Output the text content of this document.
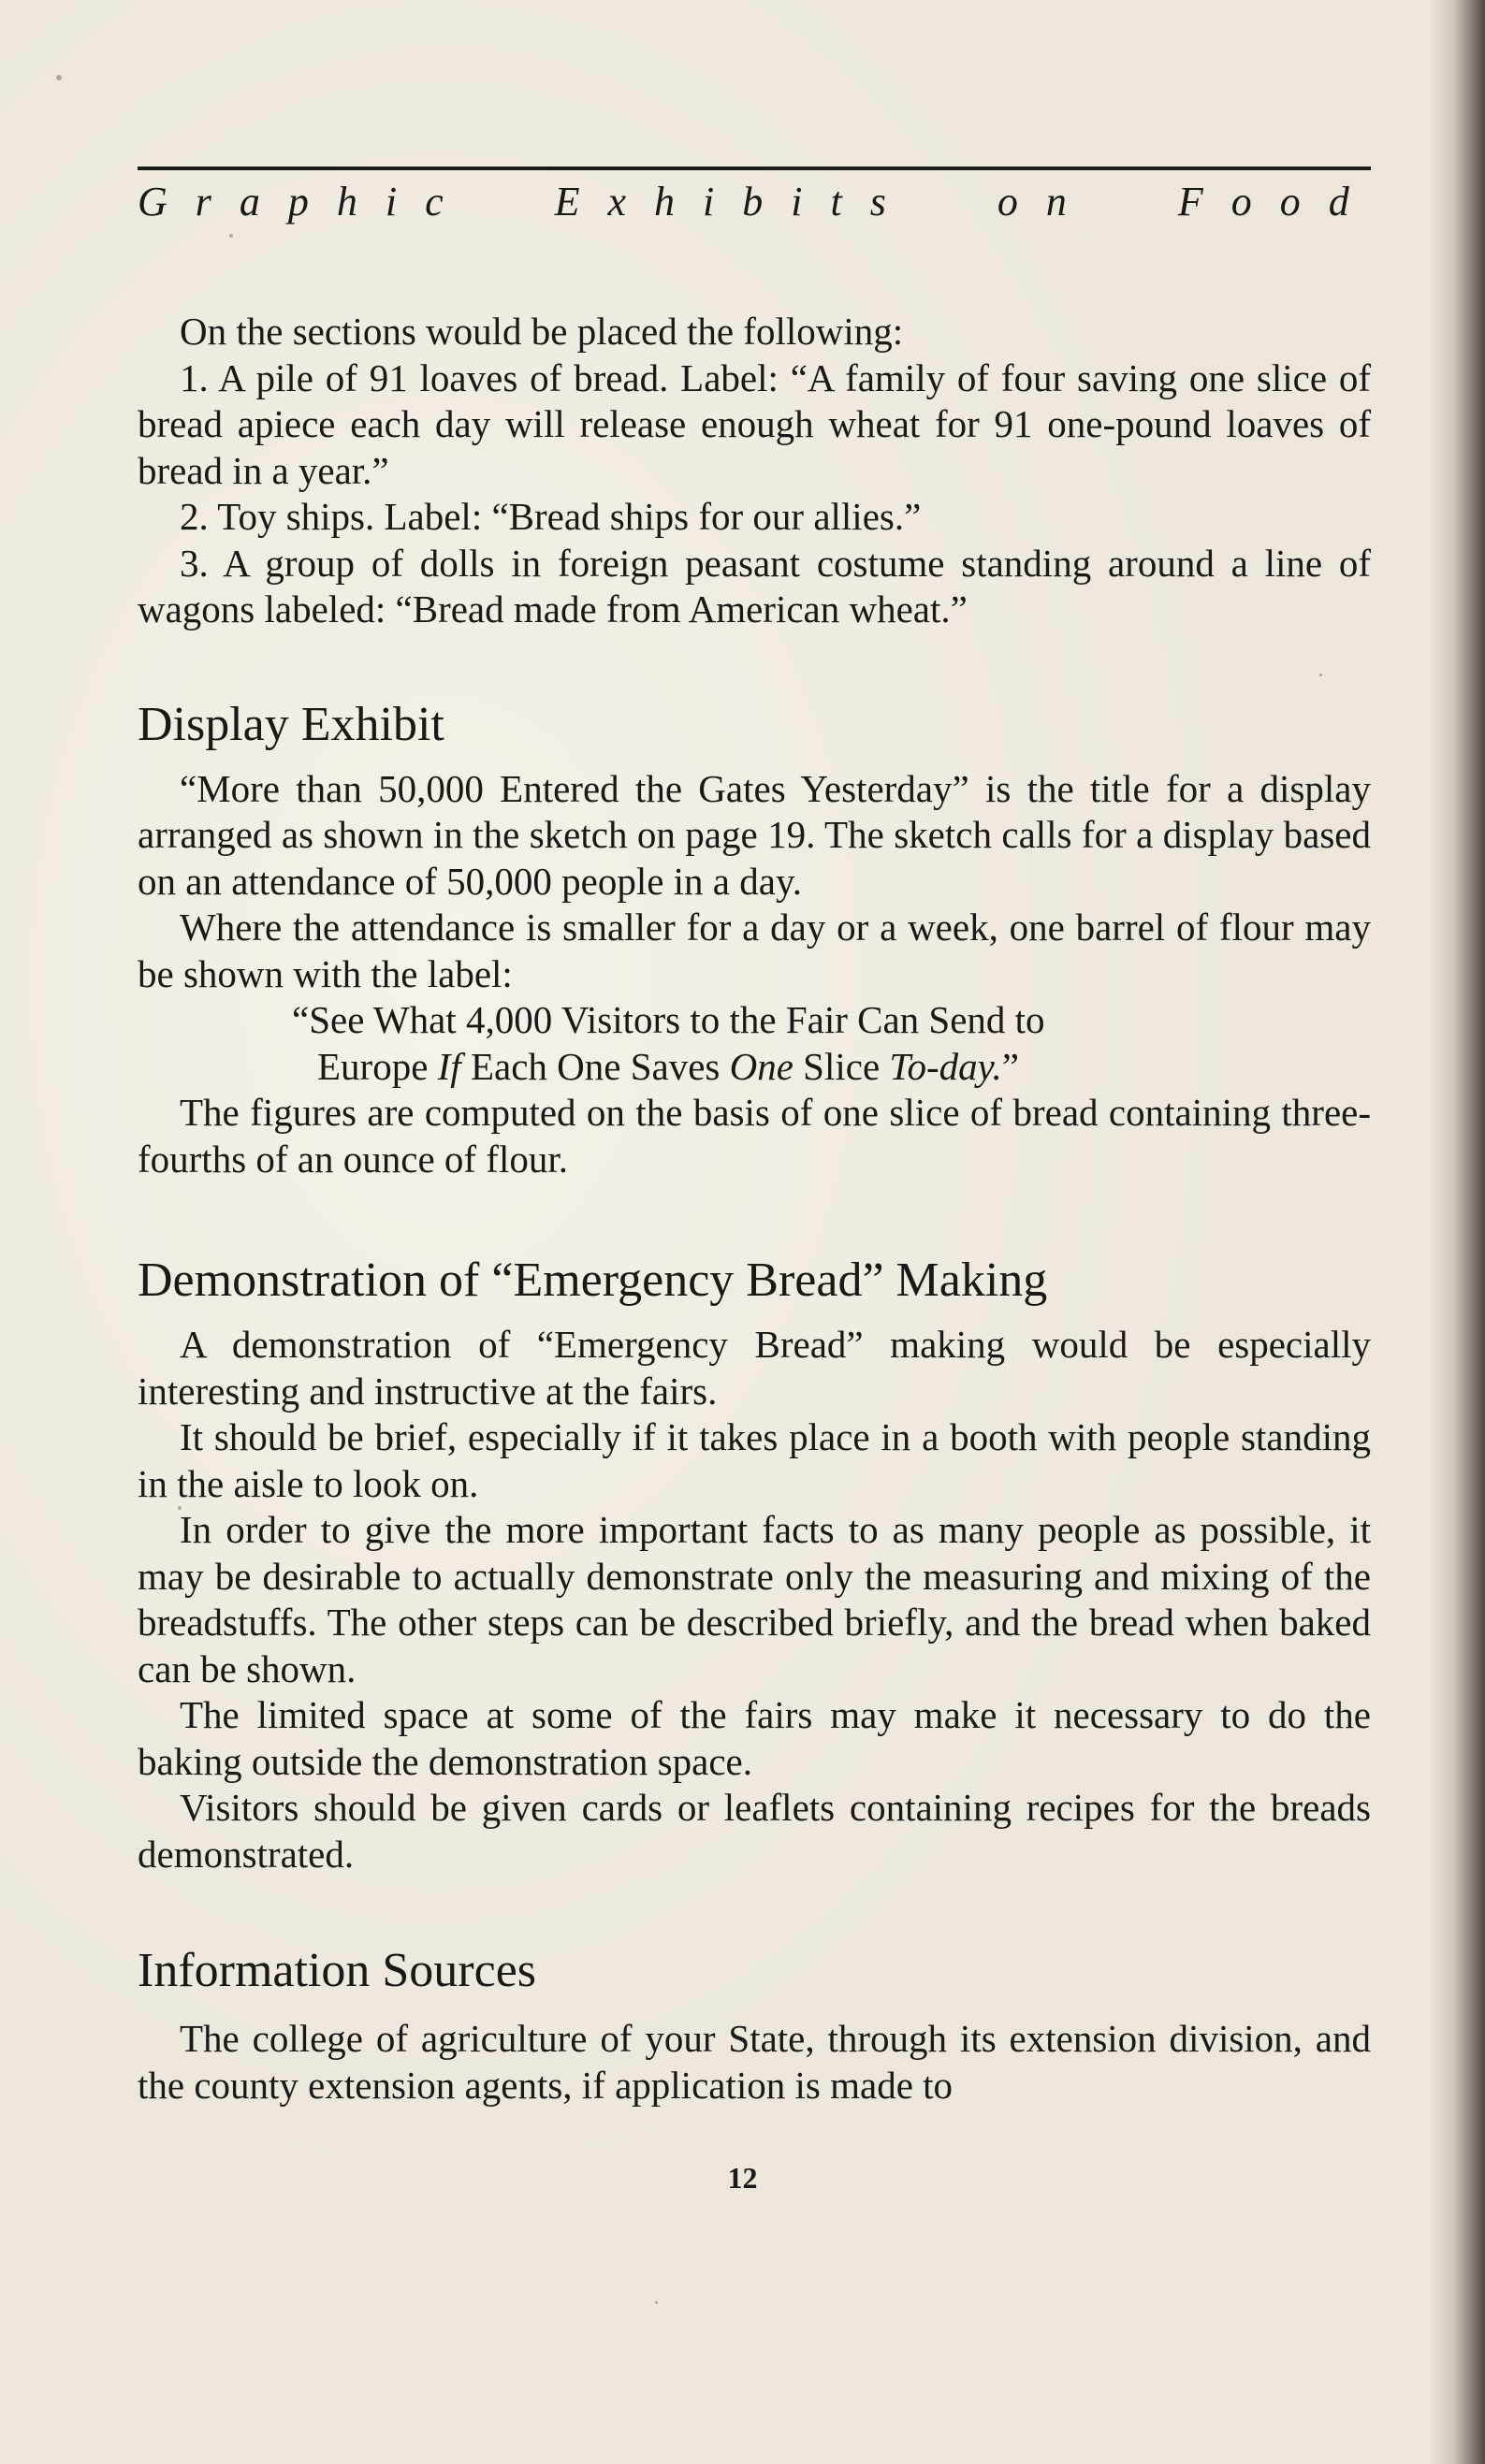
Graphic Exhibits on Food

On the sections would be placed the following:

1. A pile of 91 loaves of bread. Label: “A family of four saving one slice of bread apiece each day will release enough wheat for 91 one-pound loaves of bread in a year.”

2. Toy ships. Label: “Bread ships for our allies.”

3. A group of dolls in foreign peasant costume standing around a line of wagons labeled: “Bread made from American wheat.”

Display Exhibit

“More than 50,000 Entered the Gates Yesterday” is the title for a display arranged as shown in the sketch on page 19. The sketch calls for a display based on an attendance of 50,000 people in a day.

Where the attendance is smaller for a day or a week, one barrel of flour may be shown with the label:

“See What 4,000 Visitors to the Fair Can Send to
Europe If Each One Saves One Slice To-day.”

The figures are computed on the basis of one slice of bread containing three-fourths of an ounce of flour.

Demonstration of “Emergency Bread” Making

A demonstration of “Emergency Bread” making would be especially interesting and instructive at the fairs.

It should be brief, especially if it takes place in a booth with people standing in the aisle to look on.

In order to give the more important facts to as many people as possible, it may be desirable to actually demonstrate only the measuring and mixing of the breadstuffs. The other steps can be described briefly, and the bread when baked can be shown.

The limited space at some of the fairs may make it necessary to do the baking outside the demonstration space.

Visitors should be given cards or leaflets containing recipes for the breads demonstrated.

Information Sources

The college of agriculture of your State, through its extension division, and the county extension agents, if application is made to

12
